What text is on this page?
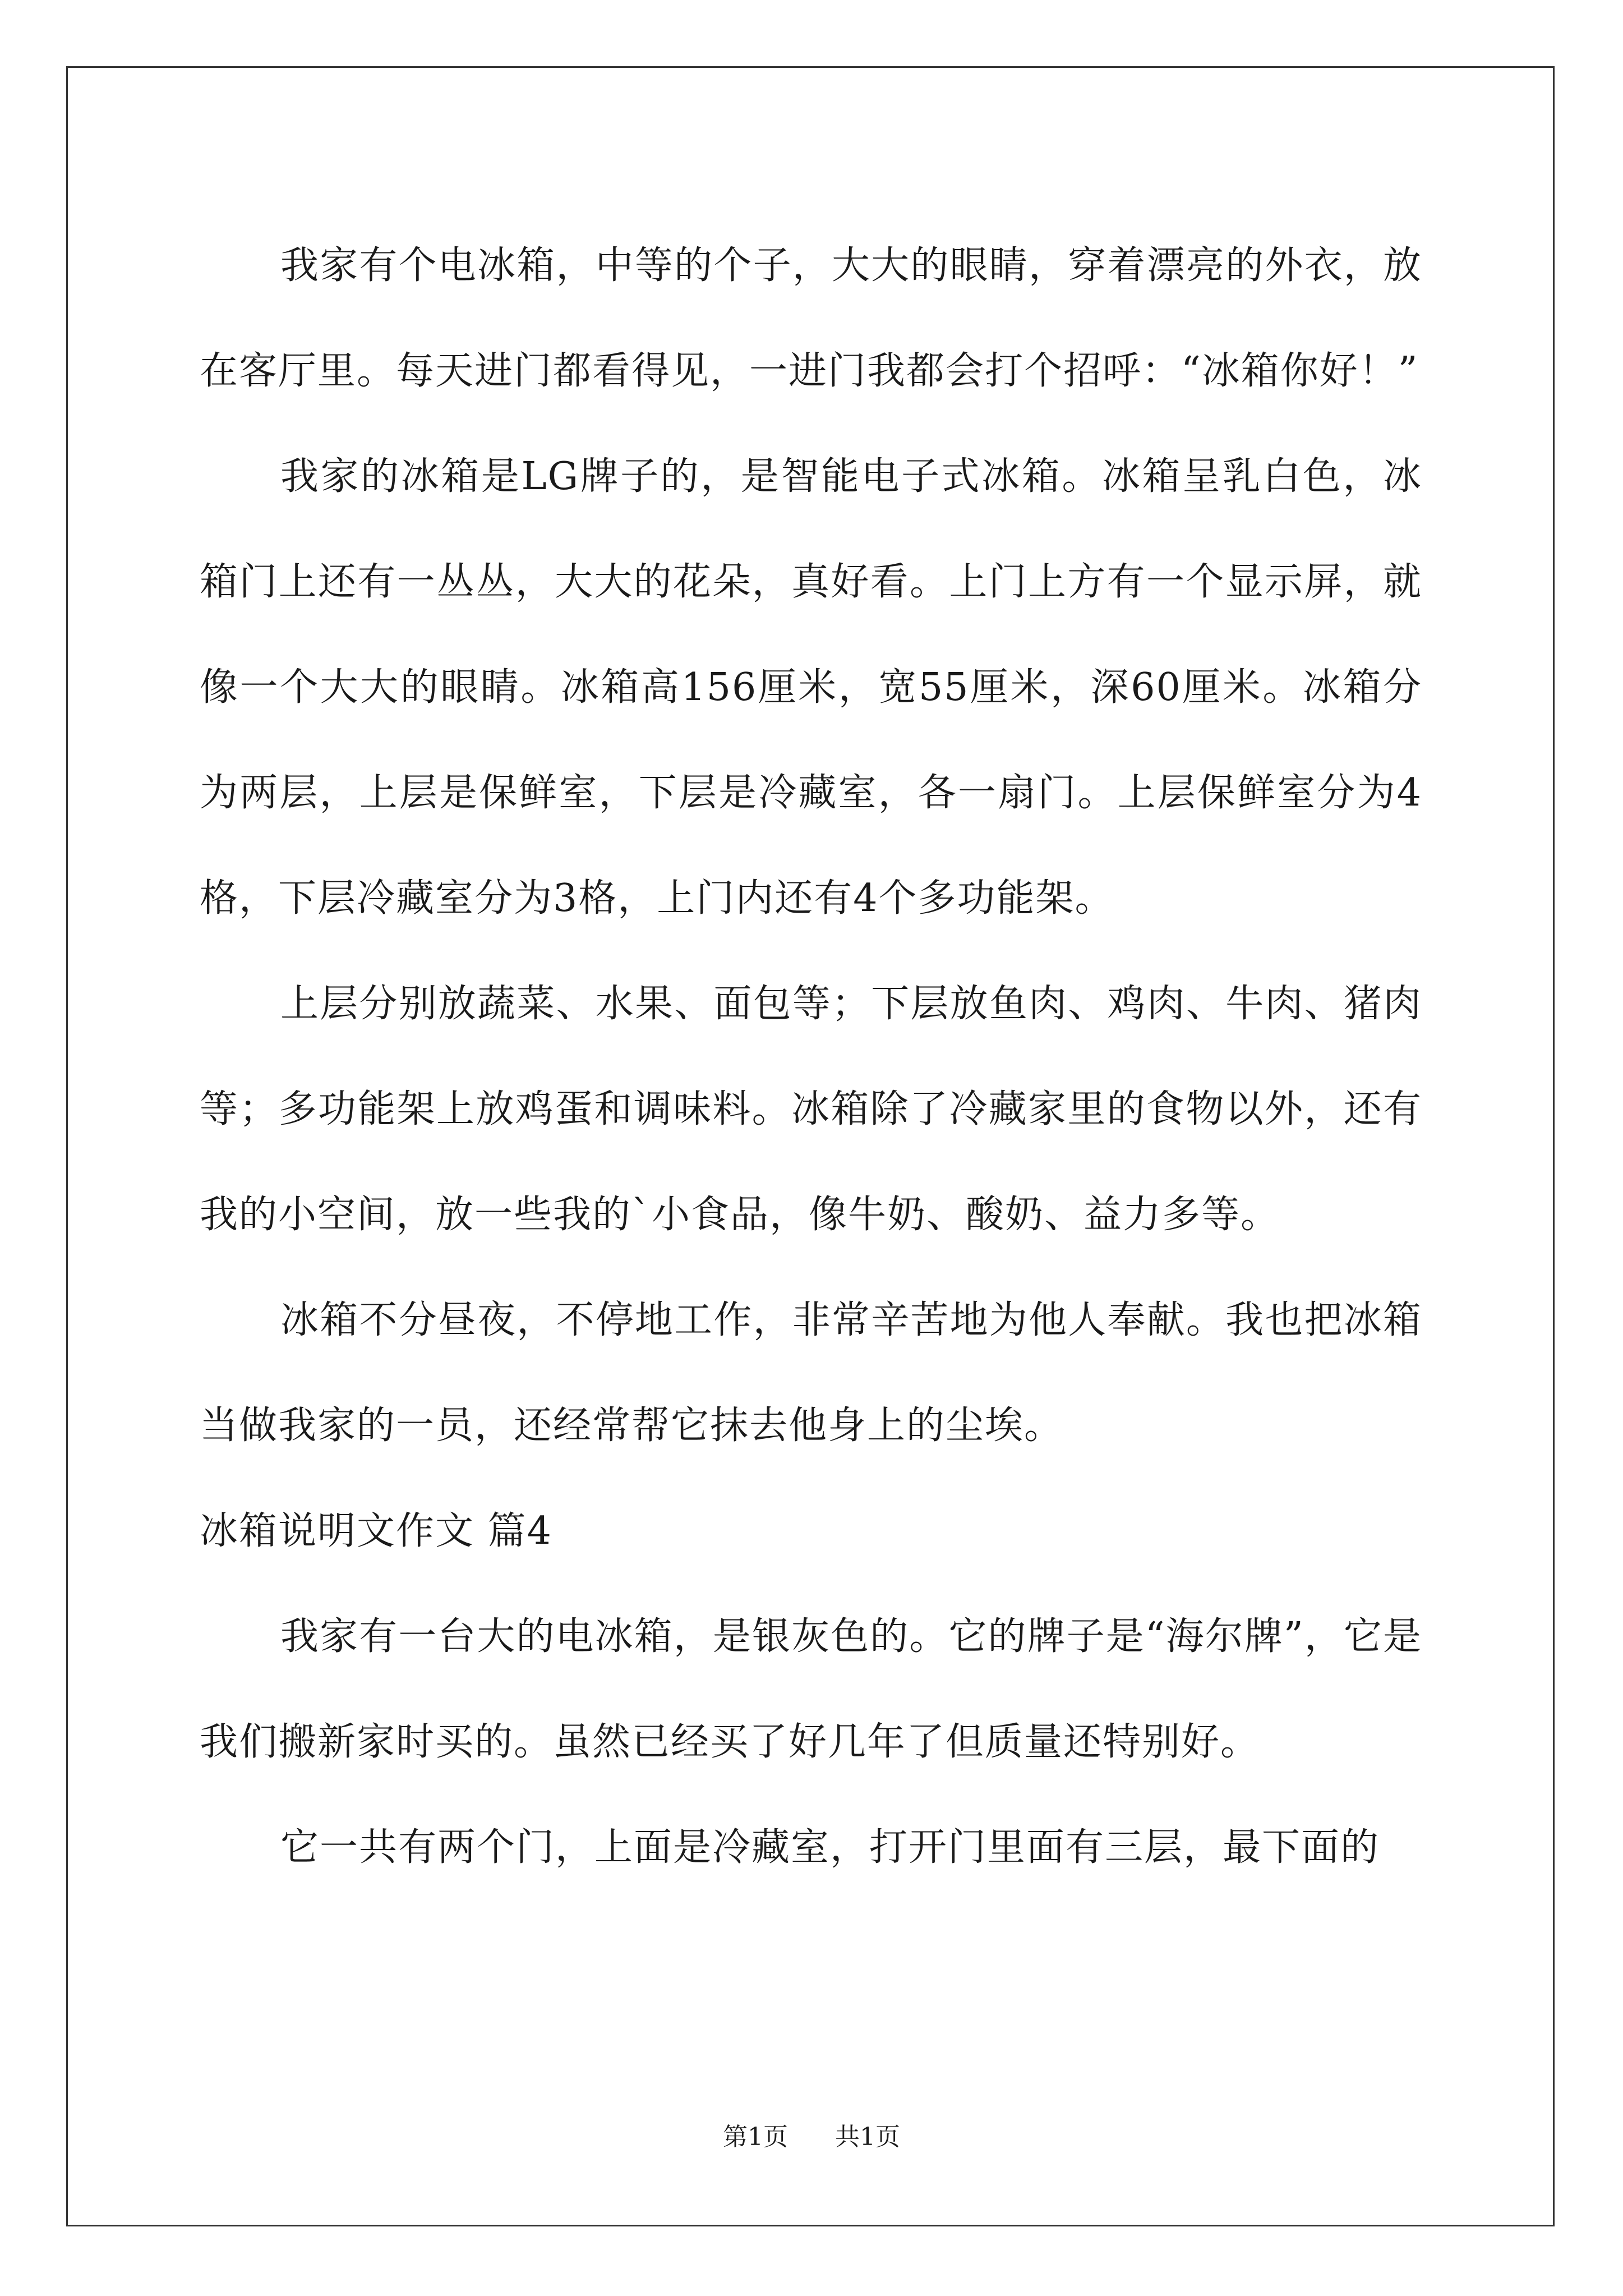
我家有个电冰箱，中等的个子，大大的眼睛，穿着漂亮的外衣，放在客厅里。每天进门都看得见，一进门我都会打个招呼：“冰箱你好！”

我家的冰箱是LG牌子的，是智能电子式冰箱。冰箱呈乳白色，冰箱门上还有一丛丛，大大的花朵，真好看。上门上方有一个显示屏，就像一个大大的眼睛。冰箱高156厘米，宽55厘米，深60厘米。冰箱分为两层，上层是保鲜室，下层是冷藏室，各一扇门。上层保鲜室分为4格，下层冷藏室分为3格，上门内还有4个多功能架。

上层分别放蔬菜、水果、面包等；下层放鱼肉、鸡肉、牛肉、猪肉等；多功能架上放鸡蛋和调味料。冰箱除了冷藏家里的食物以外，还有我的小空间，放一些我的`小食品，像牛奶、酸奶、益力多等。

冰箱不分昼夜，不停地工作，非常辛苦地为他人奉献。我也把冰箱当做我家的一员，还经常帮它抹去他身上的尘埃。

冰箱说明文作文 篇4

我家有一台大的电冰箱，是银灰色的。它的牌子是“海尔牌”，它是我们搬新家时买的。虽然已经买了好几年了但质量还特别好。

它一共有两个门，上面是冷藏室，打开门里面有三层，最下面的

第1页 共1页
